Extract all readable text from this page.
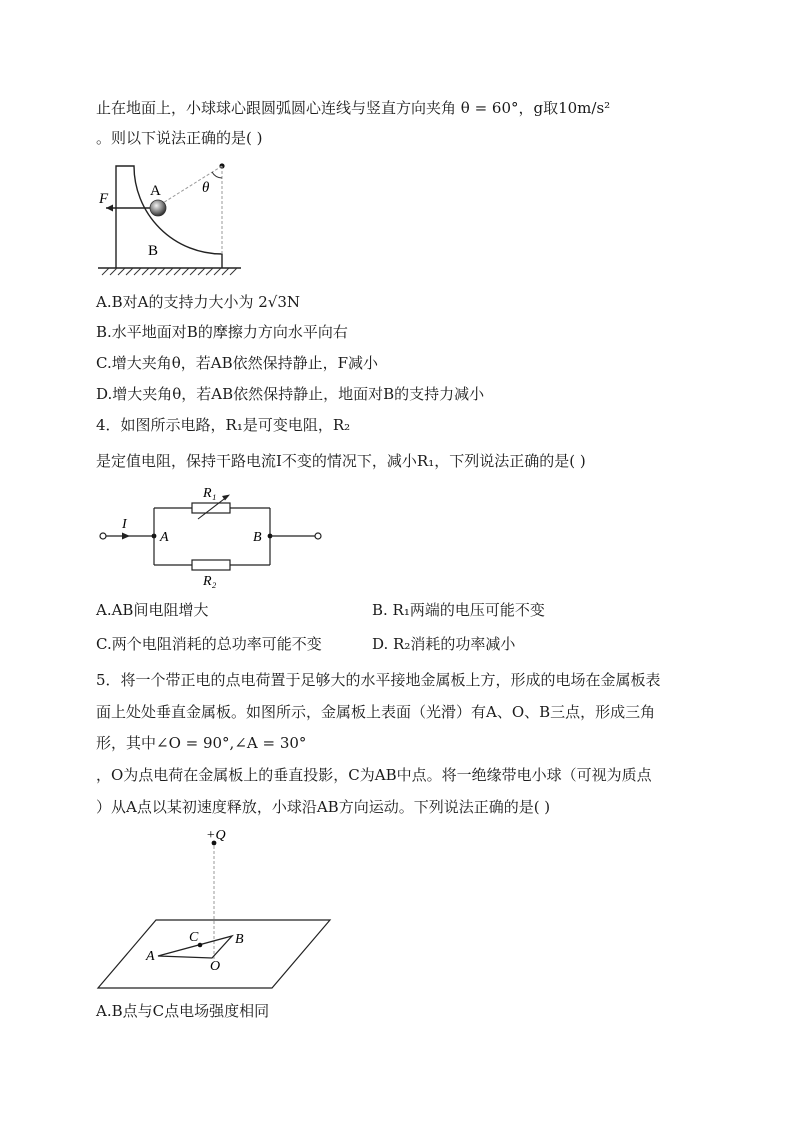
止在地面上，小球球心跟圆弧圆心连线与竖直方向夹角 θ = 60°，g取10m/s²
。则以下说法正确的是( )
F	A
B
θ
A.B对A的支持力大小为 2√3N
B.水平地面对B的摩擦力方向水平向右
C.增大夹角θ，若AB依然保持静止，F减小
D.增大夹角θ，若AB依然保持静止，地面对B的支持力减小
4．如图所示电路，R₁是可变电阻，R₂
是定值电阻，保持干路电流I不变的情况下，减小R₁，下列说法正确的是( )
R₁
R₂
I
A	B
A.AB间电阻增大	B. R₁两端的电压可能不变
C.两个电阻消耗的总功率可能不变	D. R₂消耗的功率减小
5．将一个带正电的点电荷置于足够大的水平接地金属板上方，形成的电场在金属板表
面上处处垂直金属板。如图所示，金属板上表面（光滑）有A、O、B三点，形成三角
形，其中∠O = 90°,∠A = 30°
，O为点电荷在金属板上的垂直投影，C为AB中点。将一绝缘带电小球（可视为质点
）从A点以某初速度释放，小球沿AB方向运动。下列说法正确的是( )
+Q
C	B
A
O
A.B点与C点电场强度相同
